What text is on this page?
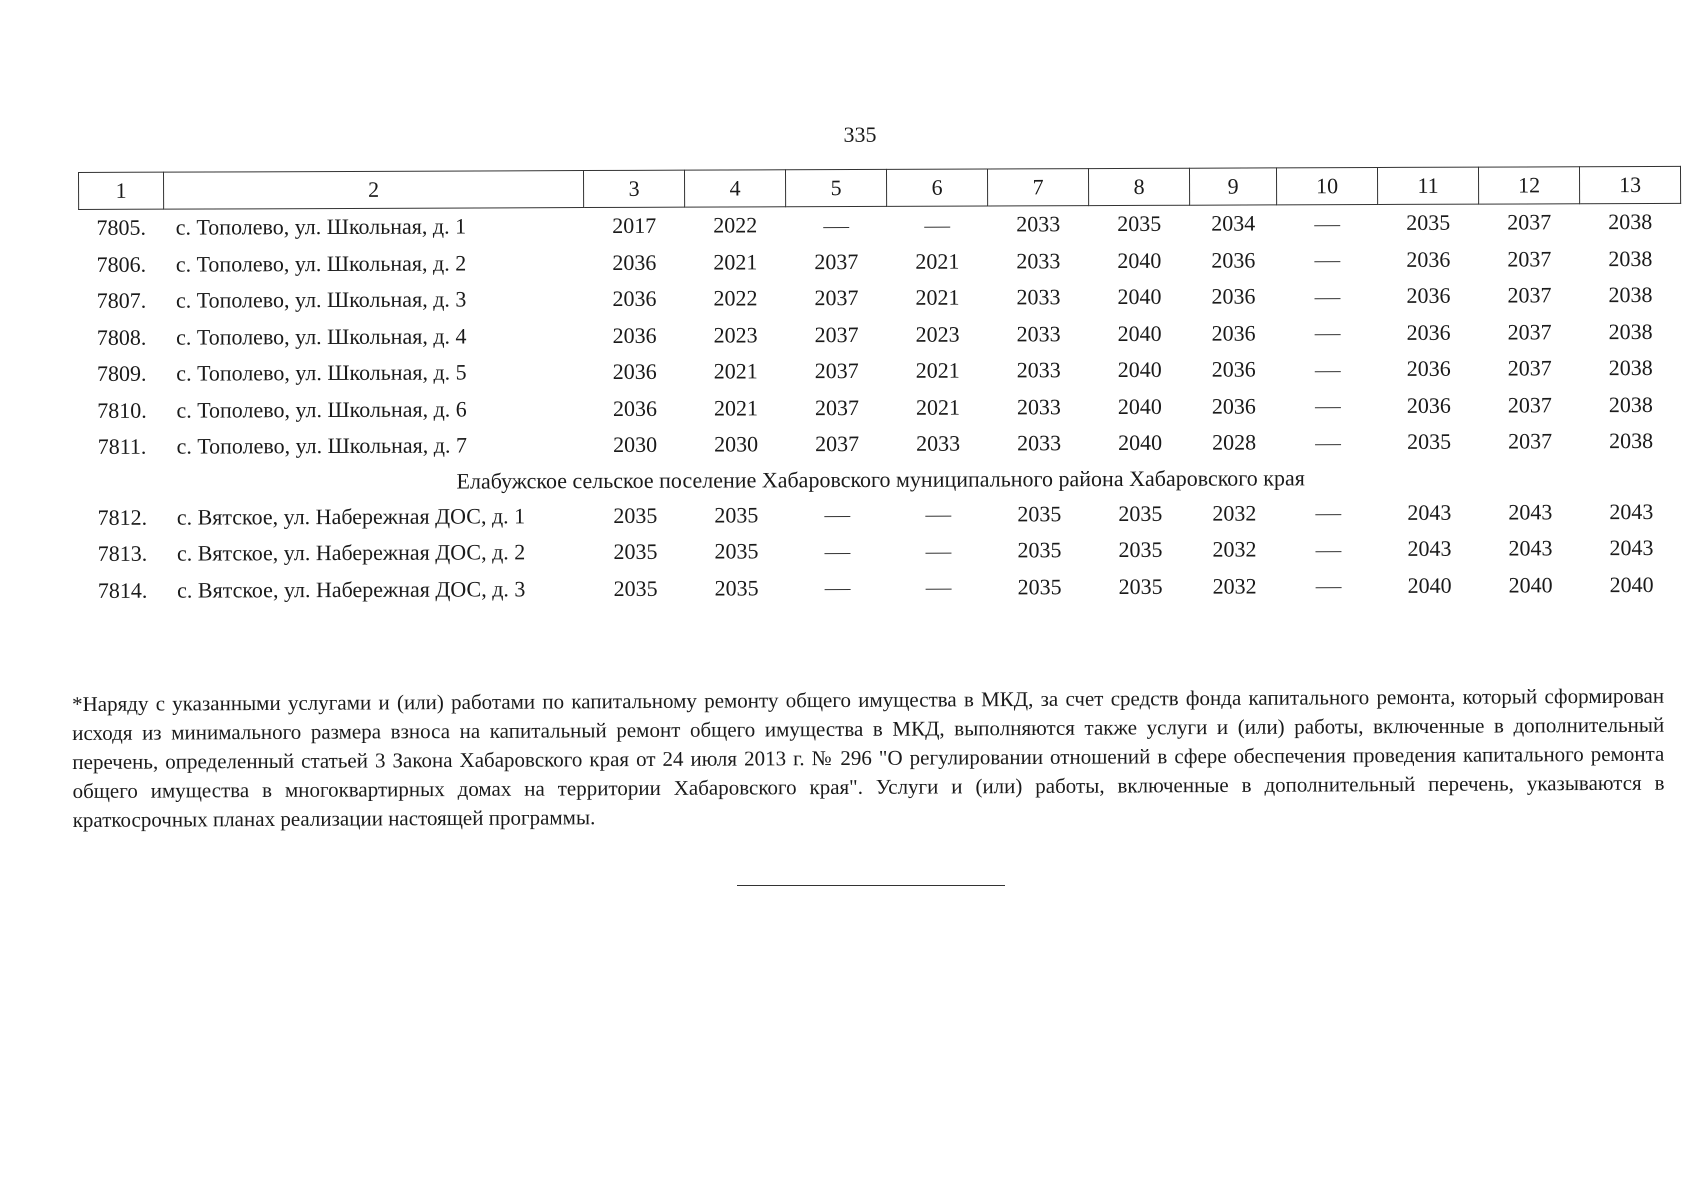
335
1	2	3	4	5	6	7	8	9	10	11	12	13
7805.	с. Тополево, ул. Школьная, д. 1	2017	2022			2033	2035	2034		2035	2037	2038
7806.	с. Тополево, ул. Школьная, д. 2	2036	2021	2037	2021	2033	2040	2036		2036	2037	2038
7807.	с. Тополево, ул. Школьная, д. 3	2036	2022	2037	2021	2033	2040	2036		2036	2037	2038
7808.	с. Тополево, ул. Школьная, д. 4	2036	2023	2037	2023	2033	2040	2036		2036	2037	2038
7809.	с. Тополево, ул. Школьная, д. 5	2036	2021	2037	2021	2033	2040	2036		2036	2037	2038
7810.	с. Тополево, ул. Школьная, д. 6	2036	2021	2037	2021	2033	2040	2036		2036	2037	2038
7811.	с. Тополево, ул. Школьная, д. 7	2030	2030	2037	2033	2033	2040	2028		2035	2037	2038
Елабужское сельское поселение Хабаровского муниципального района Хабаровского края												
7812.	с. Вятское, ул. Набережная ДОС, д. 1	2035	2035			2035	2035	2032		2043	2043	2043
7813.	с. Вятское, ул. Набережная ДОС, д. 2	2035	2035			2035	2035	2032		2043	2043	2043
7814.	с. Вятское, ул. Набережная ДОС, д. 3	2035	2035			2035	2035	2032		2040	2040	2040
*Наряду с указанными услугами и (или) работами по капитальному ремонту общего имущества в МКД, за счет средств фонда капитального ремонта, который сформирован исходя из минимального размера взноса на капитальный ремонт общего имущества в МКД, выполняются также услуги и (или) работы, включенные в дополнительный перечень, определенный статьей 3 Закона Хабаровского края от 24 июля 2013 г. № 296 "О регулировании отношений в сфере обеспечения проведения капитального ремонта общего имущества в многоквартирных домах на территории Хабаровского края". Услуги и (или) работы, включенные в дополнительный перечень, указываются в краткосрочных планах реализации настоящей программы.
